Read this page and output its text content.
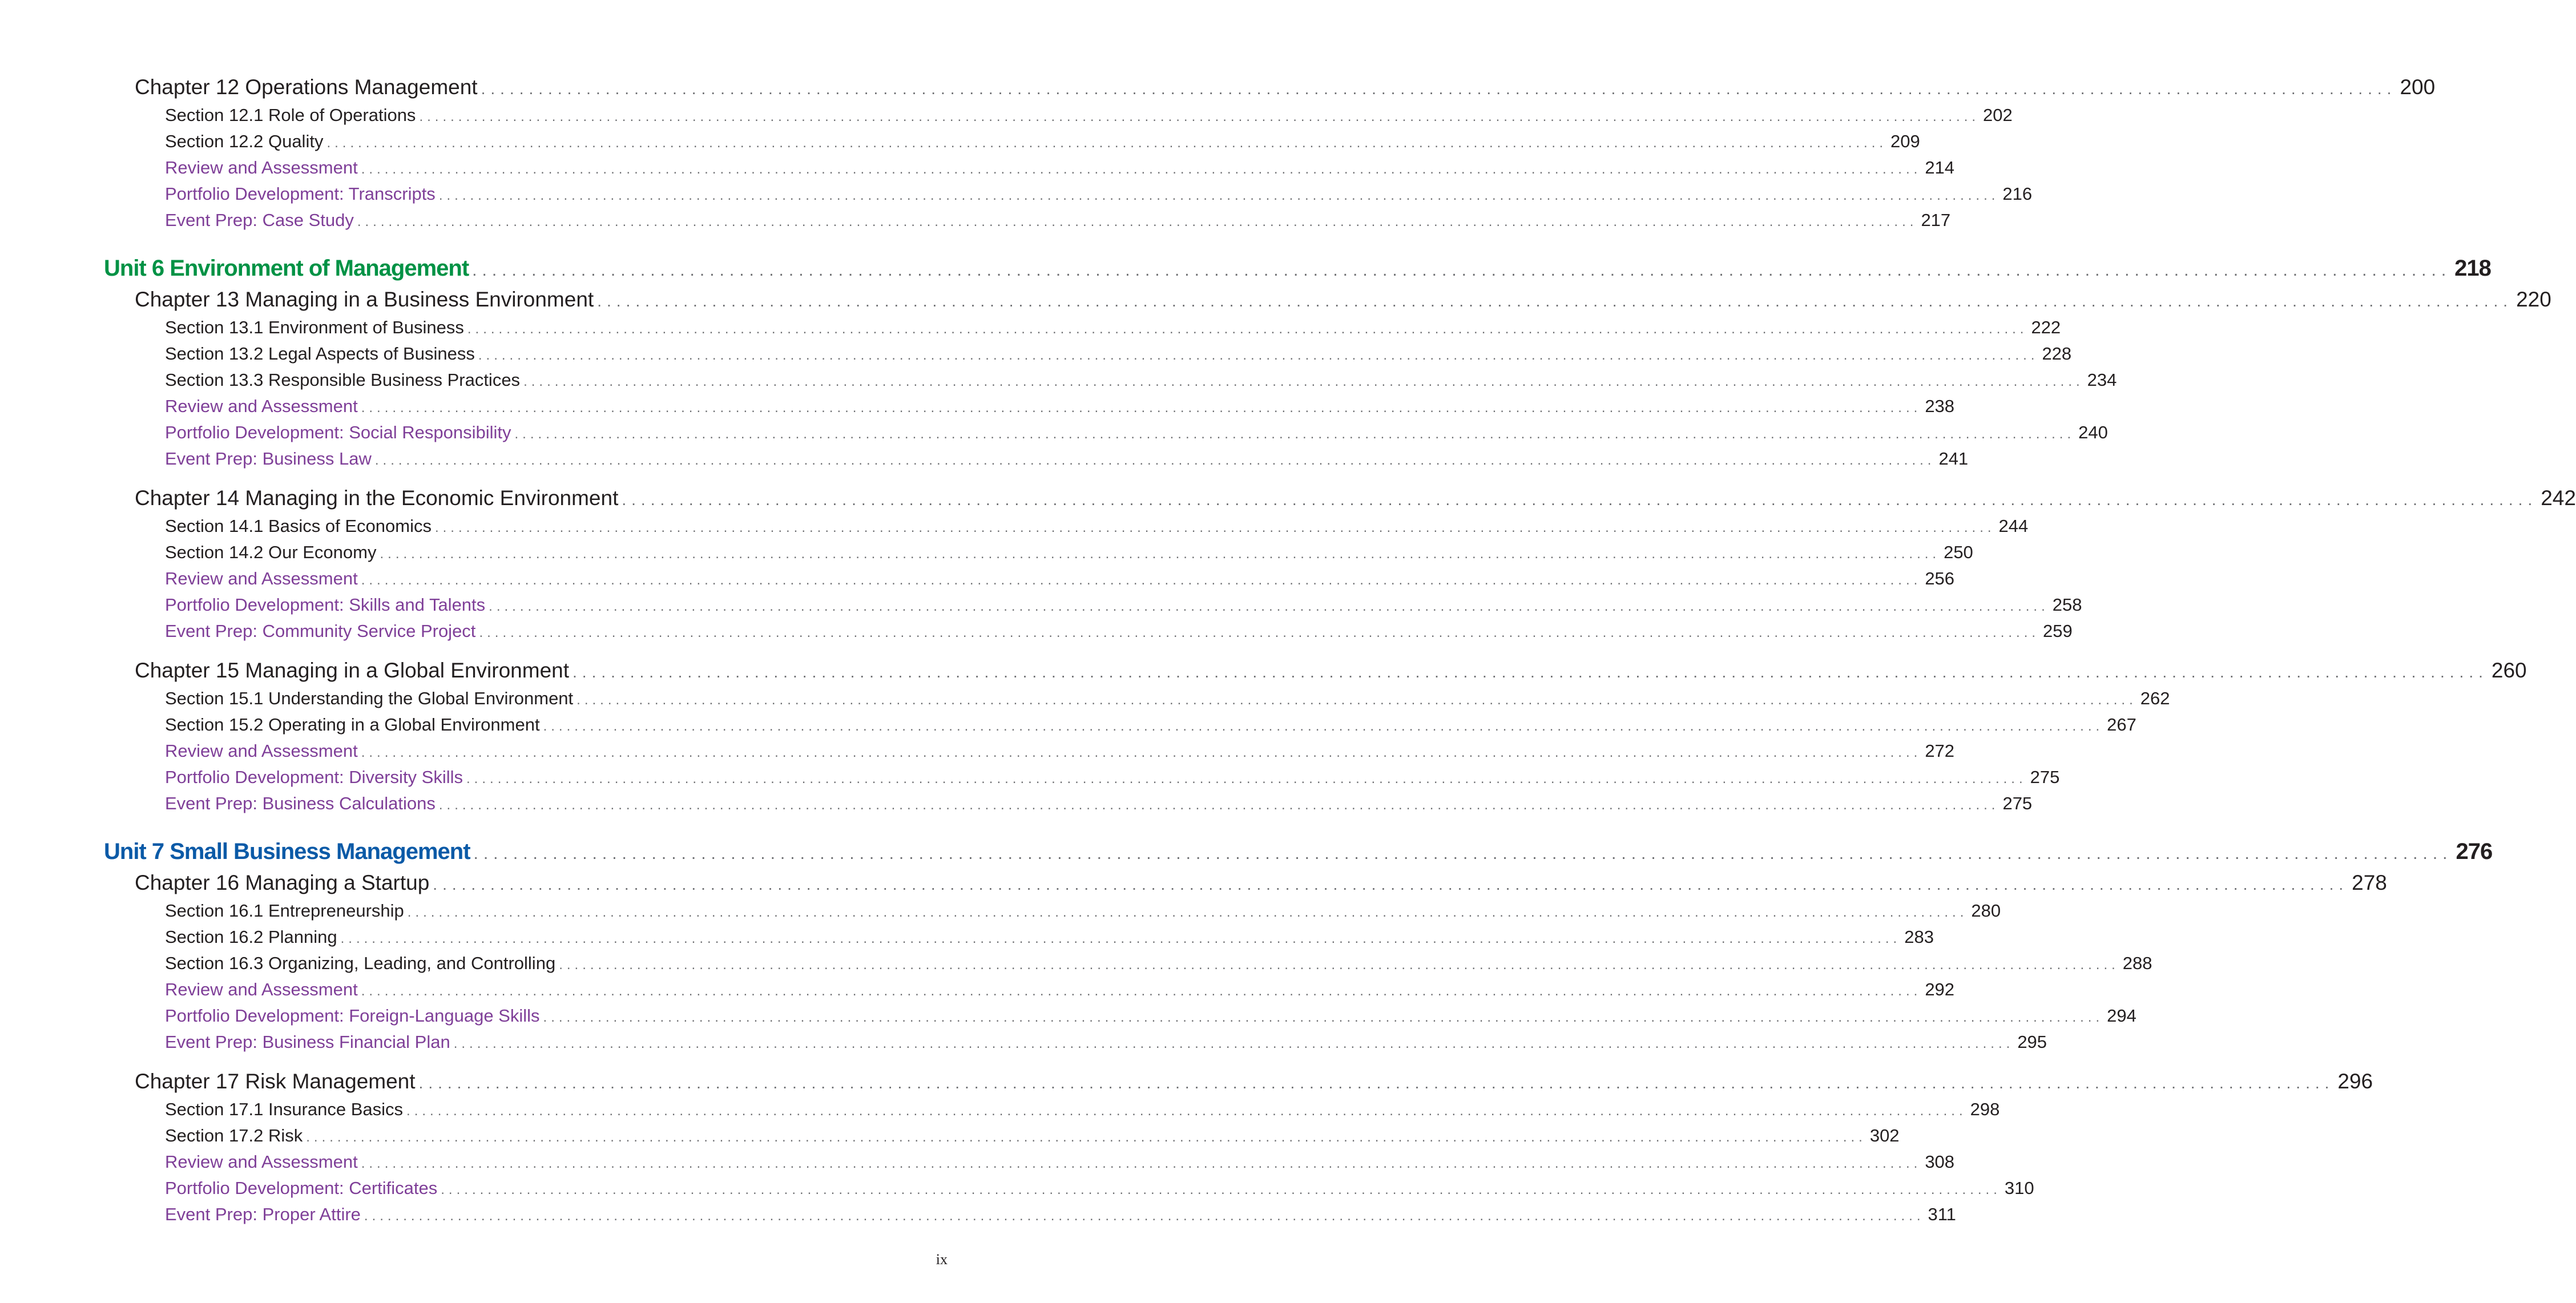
Chapter 12 Operations Management ........................................................................................................................................................................................................ 200
Section 12.1 Role of Operations ........................................................................................................................................................................................................ 202
Section 12.2 Quality ........................................................................................................................................................................................................ 209
Review and Assessment ........................................................................................................................................................................................................ 214
Portfolio Development: Transcripts ........................................................................................................................................................................................................ 216
Event Prep: Case Study ........................................................................................................................................................................................................ 217
Unit 6 Environment of Management ........................................................................................................................................................................................................ 218
Chapter 13 Managing in a Business Environment ........................................................................................................................................................................................................ 220
Section 13.1 Environment of Business ........................................................................................................................................................................................................ 222
Section 13.2 Legal Aspects of Business ........................................................................................................................................................................................................ 228
Section 13.3 Responsible Business Practices ........................................................................................................................................................................................................ 234
Review and Assessment ........................................................................................................................................................................................................ 238
Portfolio Development: Social Responsibility ........................................................................................................................................................................................................ 240
Event Prep: Business Law ........................................................................................................................................................................................................ 241
Chapter 14 Managing in the Economic Environment ........................................................................................................................................................................................................ 242
Section 14.1 Basics of Economics ........................................................................................................................................................................................................ 244
Section 14.2 Our Economy ........................................................................................................................................................................................................ 250
Review and Assessment ........................................................................................................................................................................................................ 256
Portfolio Development: Skills and Talents ........................................................................................................................................................................................................ 258
Event Prep: Community Service Project ........................................................................................................................................................................................................ 259
Chapter 15 Managing in a Global Environment ........................................................................................................................................................................................................ 260
Section 15.1 Understanding the Global Environment ........................................................................................................................................................................................................ 262
Section 15.2 Operating in a Global Environment ........................................................................................................................................................................................................ 267
Review and Assessment ........................................................................................................................................................................................................ 272
Portfolio Development: Diversity Skills ........................................................................................................................................................................................................ 275
Event Prep: Business Calculations ........................................................................................................................................................................................................ 275
Unit 7 Small Business Management ........................................................................................................................................................................................................ 276
Chapter 16 Managing a Startup ........................................................................................................................................................................................................ 278
Section 16.1 Entrepreneurship ........................................................................................................................................................................................................ 280
Section 16.2 Planning ........................................................................................................................................................................................................ 283
Section 16.3 Organizing, Leading, and Controlling ........................................................................................................................................................................................................ 288
Review and Assessment ........................................................................................................................................................................................................ 292
Portfolio Development: Foreign-Language Skills ........................................................................................................................................................................................................ 294
Event Prep: Business Financial Plan ........................................................................................................................................................................................................ 295
Chapter 17 Risk Management ........................................................................................................................................................................................................ 296
Section 17.1 Insurance Basics ........................................................................................................................................................................................................ 298
Section 17.2 Risk ........................................................................................................................................................................................................ 302
Review and Assessment ........................................................................................................................................................................................................ 308
Portfolio Development: Certificates ........................................................................................................................................................................................................ 310
Event Prep: Proper Attire ........................................................................................................................................................................................................ 311
ix
